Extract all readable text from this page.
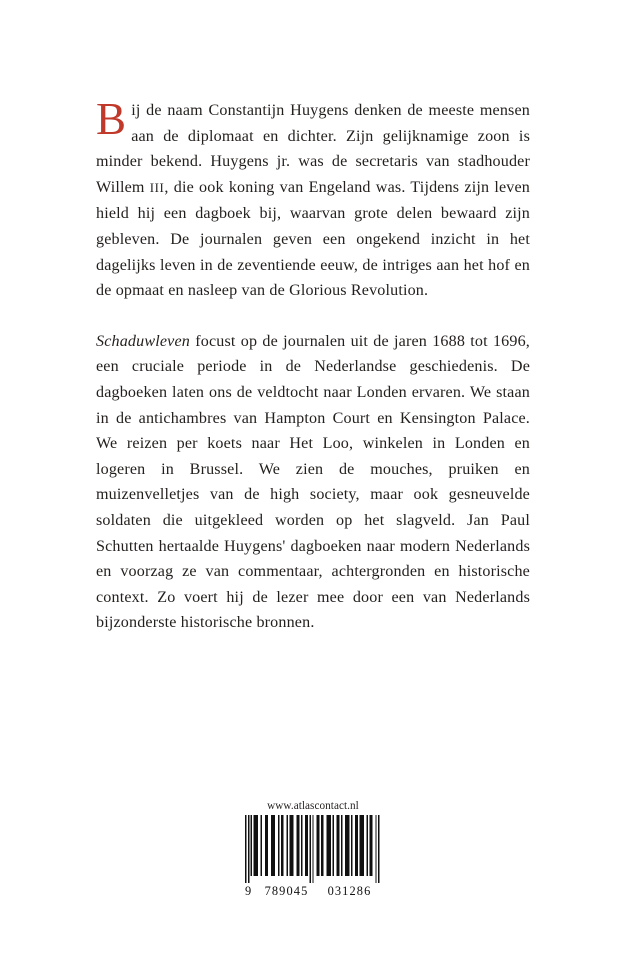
Bij de naam Constantijn Huygens denken de meeste mensen aan de diplomaat en dichter. Zijn gelijknamige zoon is minder bekend. Huygens jr. was de secretaris van stadhouder Willem III, die ook koning van Engeland was. Tijdens zijn leven hield hij een dagboek bij, waarvan grote delen bewaard zijn gebleven. De journalen geven een ongekend inzicht in het dagelijks leven in de zeventiende eeuw, de intriges aan het hof en de opmaat en nasleep van de Glorious Revolution.

Schaduwleven focust op de journalen uit de jaren 1688 tot 1696, een cruciale periode in de Nederlandse geschiedenis. De dagboeken laten ons de veldtocht naar Londen ervaren. We staan in de antichambres van Hampton Court en Kensington Palace. We reizen per koets naar Het Loo, winkelen in Londen en logeren in Brussel. We zien de mouches, pruiken en muizenvelletjes van de high society, maar ook gesneuvelde soldaten die uitgekleed worden op het slagveld. Jan Paul Schutten hertaalde Huygens' dagboeken naar modern Nederlands en voorzag ze van commentaar, achtergronden en historische context. Zo voert hij de lezer mee door een van Nederlands bijzonderste historische bronnen.

www.atlascontact.nl
9	789045	031286
